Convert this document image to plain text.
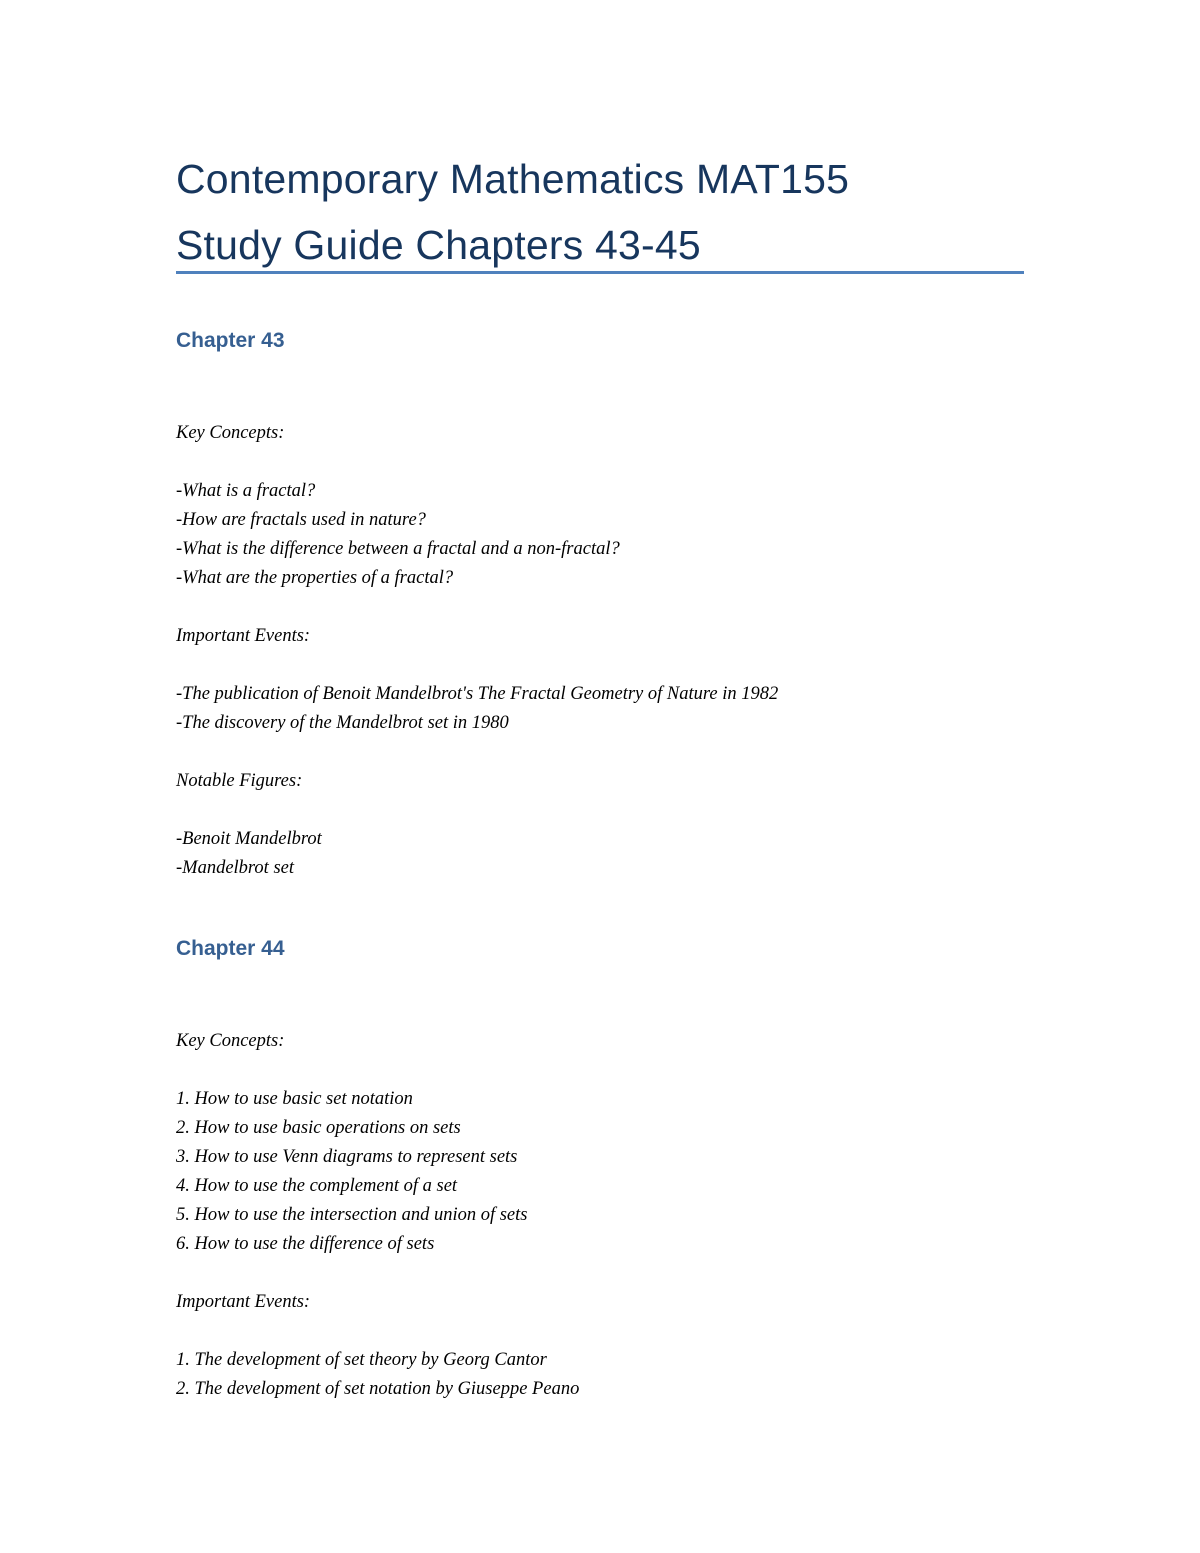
Contemporary Mathematics MAT155
Study Guide Chapters 43-45
Chapter 43

Key Concepts:

-What is a fractal?

-How are fractals used in nature?

-What is the difference between a fractal and a non-fractal?

-What are the properties of a fractal?

Important Events:

-The publication of Benoit Mandelbrot's The Fractal Geometry of Nature in 1982

-The discovery of the Mandelbrot set in 1980

Notable Figures:

-Benoit Mandelbrot

-Mandelbrot set

Chapter 44

Key Concepts:

1. How to use basic set notation

2. How to use basic operations on sets

3. How to use Venn diagrams to represent sets

4. How to use the complement of a set

5. How to use the intersection and union of sets

6. How to use the difference of sets

Important Events:

1. The development of set theory by Georg Cantor

2. The development of set notation by Giuseppe Peano
